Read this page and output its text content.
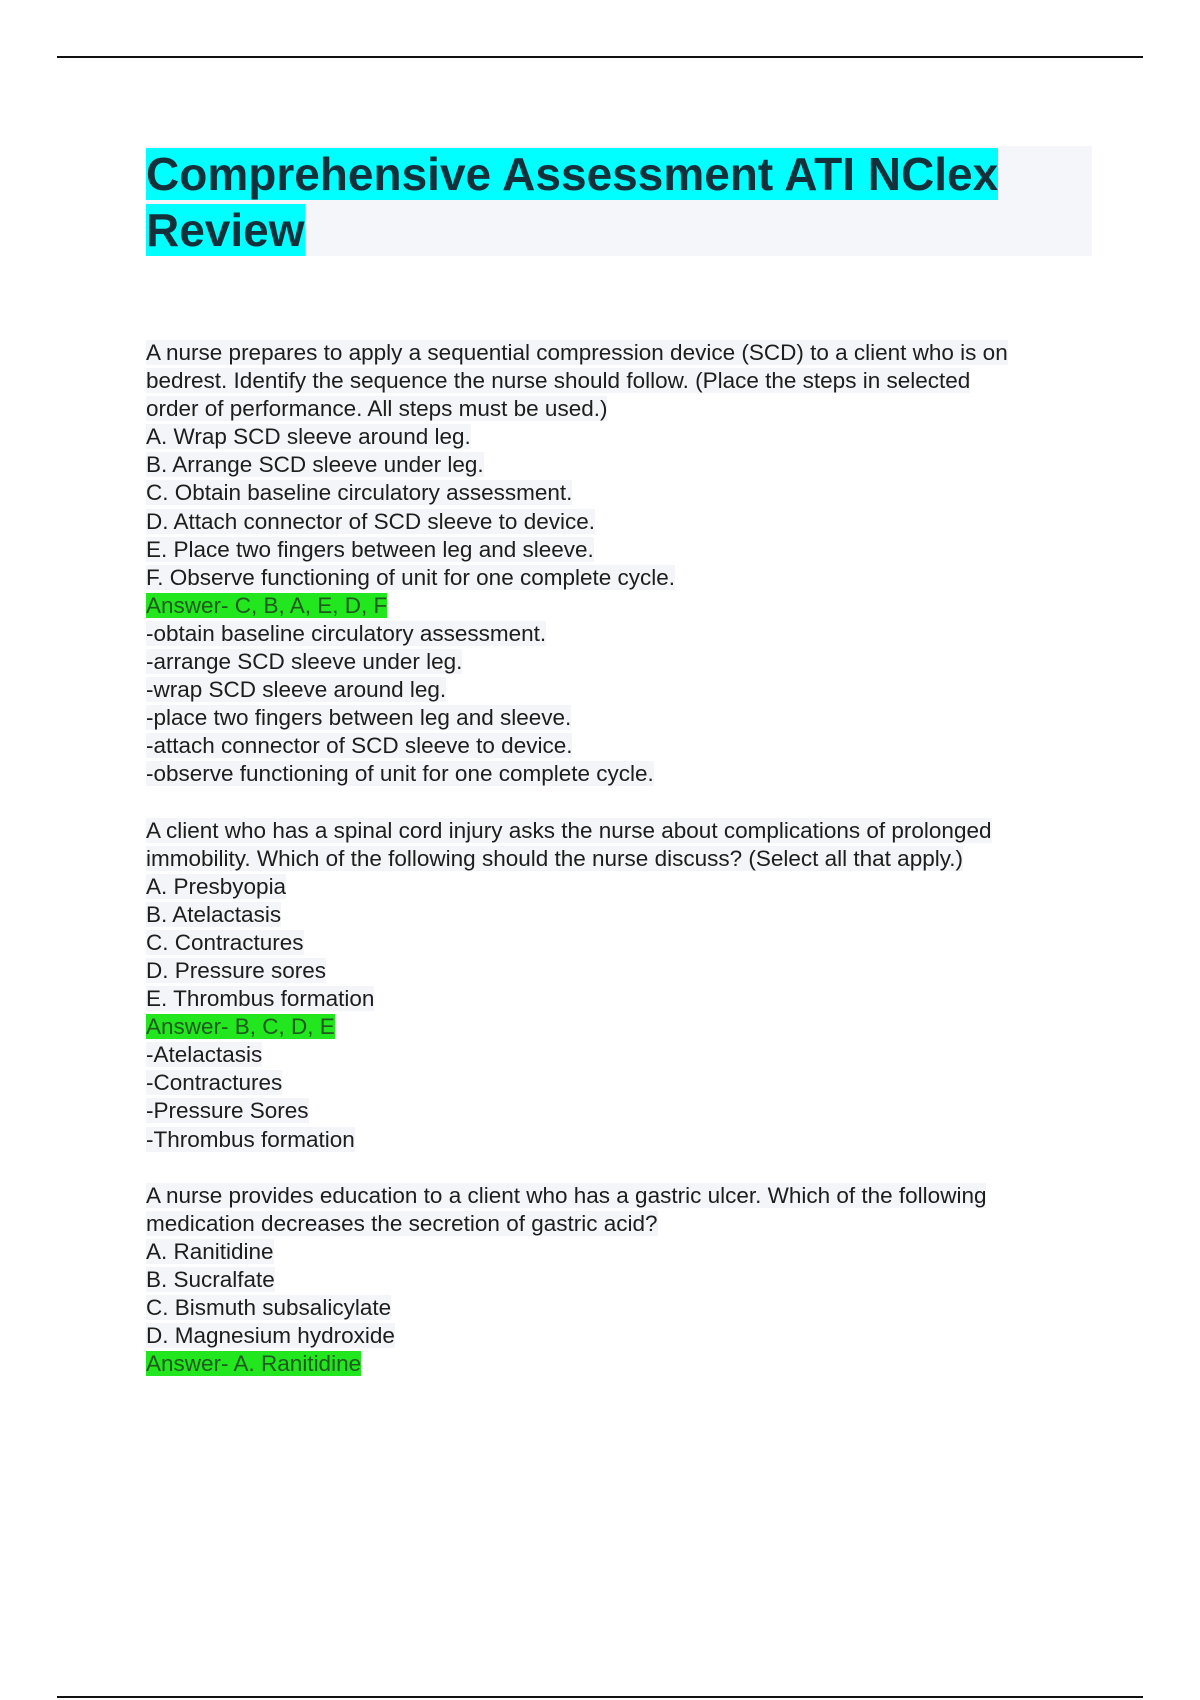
Comprehensive Assessment ATI NClex Review
A nurse prepares to apply a sequential compression device (SCD) to a client who is on
bedrest. Identify the sequence the nurse should follow. (Place the steps in selected
order of performance. All steps must be used.)
A. Wrap SCD sleeve around leg.
B. Arrange SCD sleeve under leg.
C. Obtain baseline circulatory assessment.
D. Attach connector of SCD sleeve to device.
E. Place two fingers between leg and sleeve.
F. Observe functioning of unit for one complete cycle.
Answer- C, B, A, E, D, F
-obtain baseline circulatory assessment.
-arrange SCD sleeve under leg.
-wrap SCD sleeve around leg.
-place two fingers between leg and sleeve.
-attach connector of SCD sleeve to device.
-observe functioning of unit for one complete cycle.
A client who has a spinal cord injury asks the nurse about complications of prolonged
immobility. Which of the following should the nurse discuss? (Select all that apply.)
A. Presbyopia
B. Atelactasis
C. Contractures
D. Pressure sores
E. Thrombus formation
Answer- B, C, D, E
-Atelactasis
-Contractures
-Pressure Sores
-Thrombus formation
A nurse provides education to a client who has a gastric ulcer. Which of the following
medication decreases the secretion of gastric acid?
A. Ranitidine
B. Sucralfate
C. Bismuth subsalicylate
D. Magnesium hydroxide
Answer- A. Ranitidine
